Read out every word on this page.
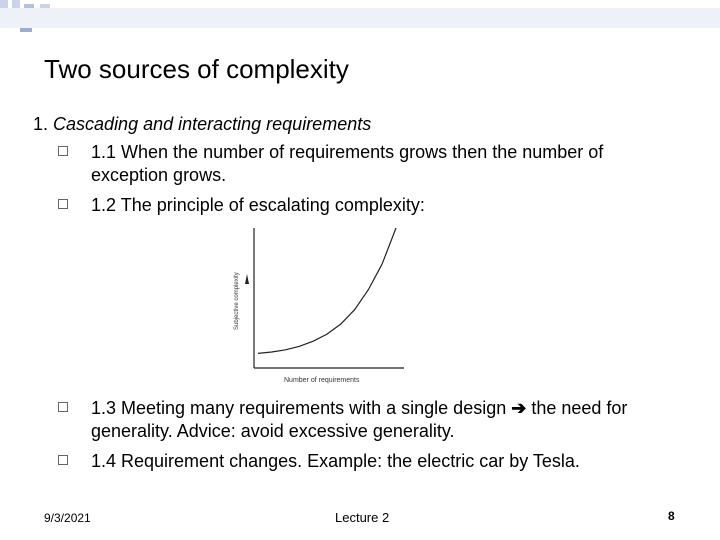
Two sources of complexity
1. Cascading and interacting requirements
1.1 When the number of requirements grows then the number of
exception grows.
1.2 The principle of escalating complexity:
Subjective complexity
Number of requirements
1.3 Meeting many requirements with a single design ➔ the need for
generality. Advice: avoid excessive generality.
1.4 Requirement changes. Example: the electric car by Tesla.
9/3/2021	Lecture 2	8
